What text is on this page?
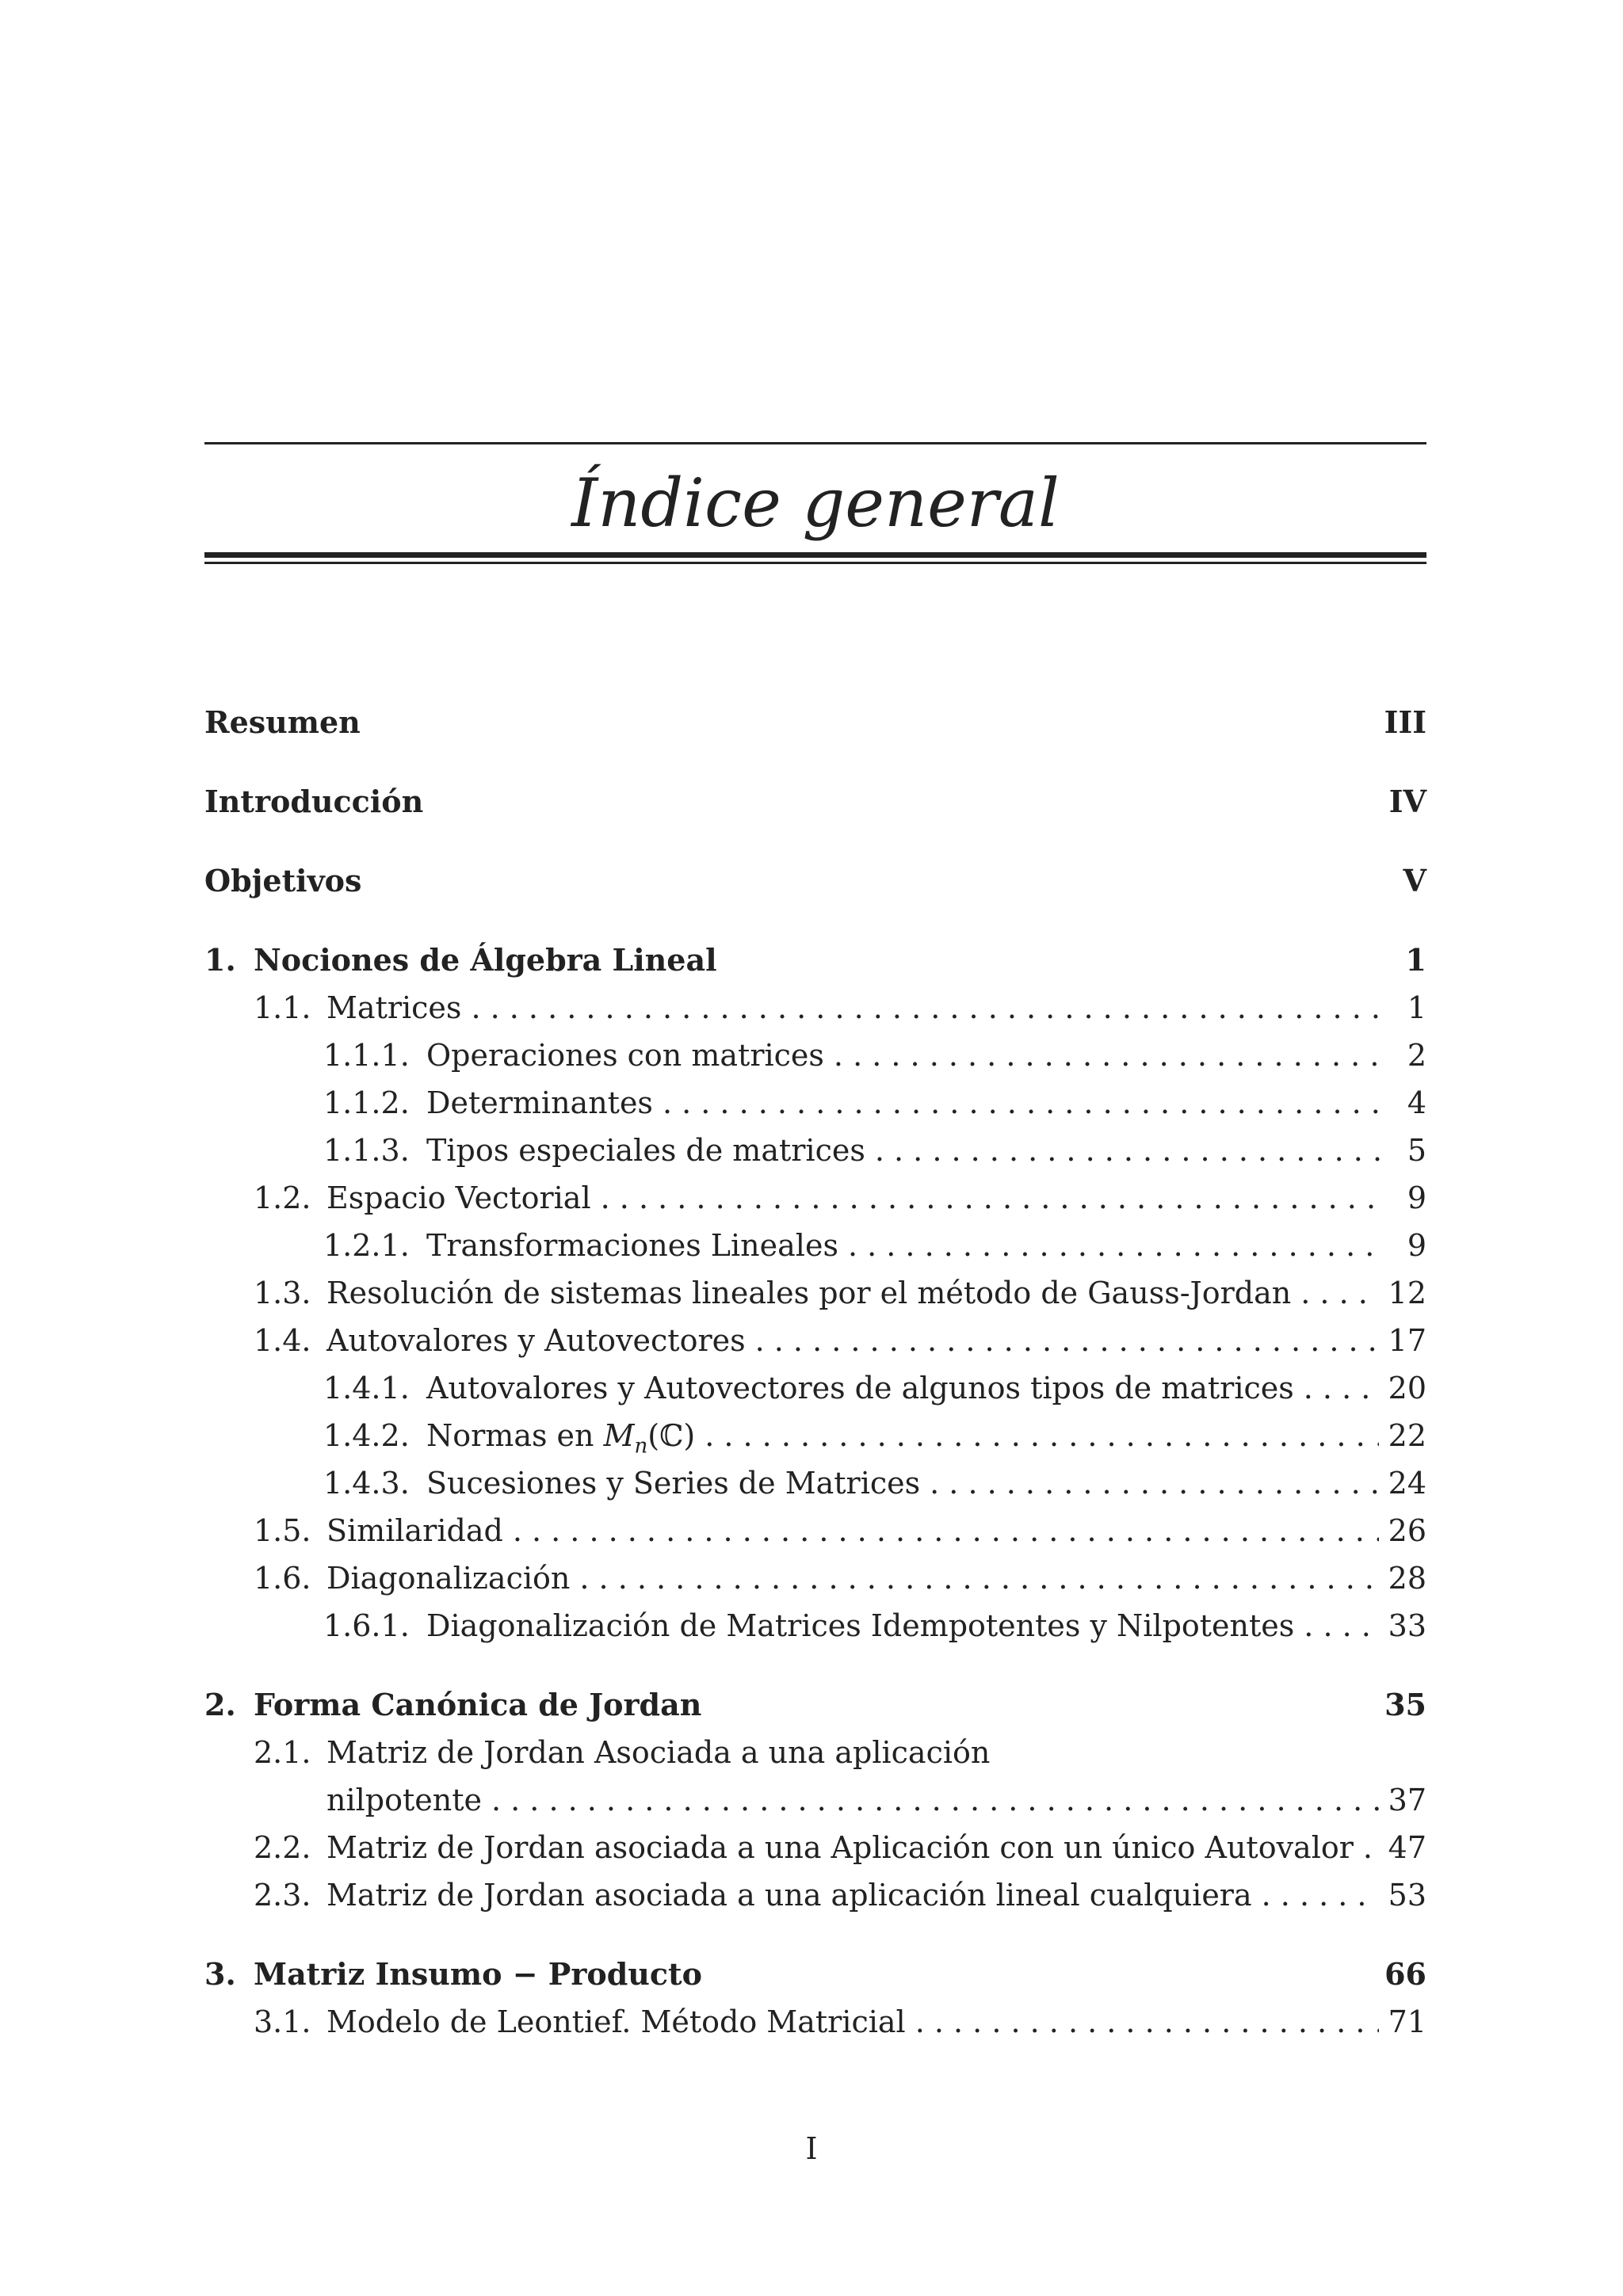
Índice general
Resumen	III
Introducción	IV
Objetivos	V
1. Nociones de Álgebra Lineal	1
1.1. Matrices . . .	1
1.1.1. Operaciones con matrices . . .	2
1.1.2. Determinantes . . .	4
1.1.3. Tipos especiales de matrices . . .	5
1.2. Espacio Vectorial . . .	9
1.2.1. Transformaciones Lineales . . .	9
1.3. Resolución de sistemas lineales por el método de Gauss-Jordan . . .	12
1.4. Autovalores y Autovectores . . .	17
1.4.1. Autovalores y Autovectores de algunos tipos de matrices . . .	20
1.4.2. Normas en $M_n(ℂ)$ . . .	22
1.4.3. Sucesiones y Series de Matrices . . .	24
1.5. Similaridad . . .	26
1.6. Diagonalización . . .	28
1.6.1. Diagonalización de Matrices Idempotentes y Nilpotentes . . .	33
2. Forma Canónica de Jordan	35
2.1. Matriz de Jordan Asociada a una aplicación
nilpotente . . .	37
2.2. Matriz de Jordan asociada a una Aplicación con un único Autovalor . . . 47
2.3. Matriz de Jordan asociada a una aplicación lineal cualquiera . . .	53
3. Matriz Insumo − Producto	66
3.1. Modelo de Leontief. Método Matricial . . .	71
I
